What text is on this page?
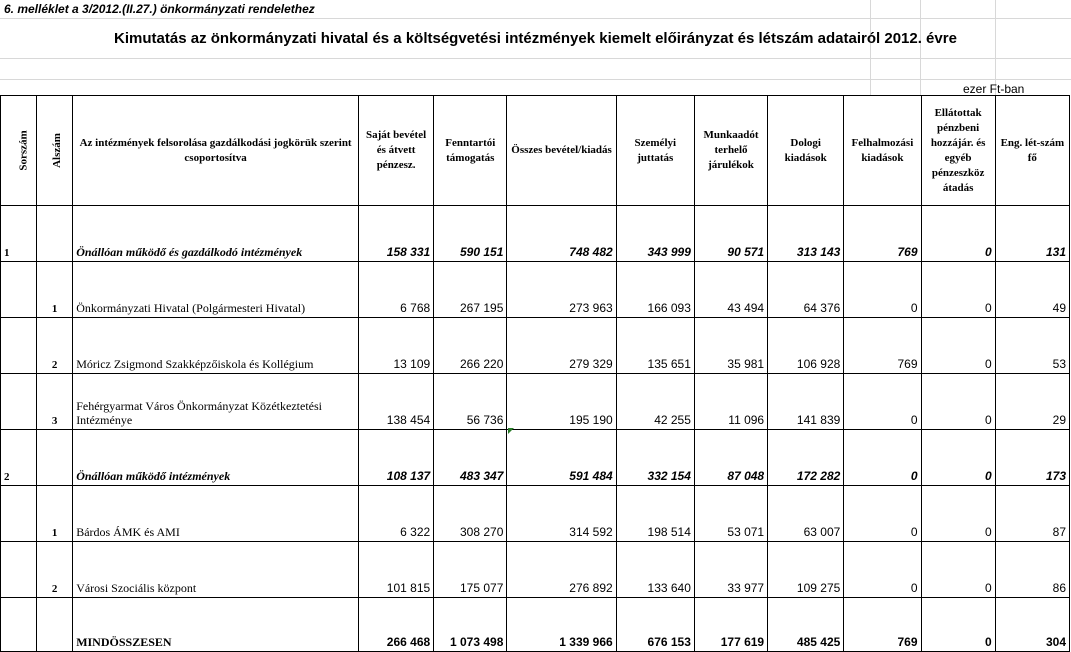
6. melléklet a 3/2012.(II.27.) önkormányzati rendelethez
Kimutatás az önkormányzati hivatal és a költségvetési intézmények kiemelt előirányzat és létszám adatairól 2012. évre
ezer Ft-ban
Sorszám	Alszám	Az intézmények felsorolása gazdálkodási jogkörük szerint csoportosítva	Saját bevétel és átvett pénzesz.	Fenntartói támogatás	Összes bevétel/kiadás	Személyi juttatás	Munkaadót terhelő járulékok	Dologi kiadások	Felhalmozási kiadások	Ellátottak pénzbeni hozzájár. és egyéb pénzeszköz átadás	Eng. lét-szám fő
1		Önállóan működő és gazdálkodó intézmények	158 331	590 151	748 482	343 999	90 571	313 143	769	0	131
	1	Önkormányzati Hivatal (Polgármesteri Hivatal)	6 768	267 195	273 963	166 093	43 494	64 376	0	0	49
	2	Móricz Zsigmond Szakképzőiskola és Kollégium	13 109	266 220	279 329	135 651	35 981	106 928	769	0	53
	3	Fehérgyarmat Város Önkormányzat Közétkeztetési Intézménye	138 454	56 736	195 190	42 255	11 096	141 839	0	0	29
2		Önállóan működő intézmények	108 137	483 347	591 484	332 154	87 048	172 282	0	0	173
	1	Bárdos ÁMK és AMI	6 322	308 270	314 592	198 514	53 071	63 007	0	0	87
	2	Városi Szociális központ	101 815	175 077	276 892	133 640	33 977	109 275	0	0	86
		MINDÖSSZESEN	266 468	1 073 498	1 339 966	676 153	177 619	485 425	769	0	304
